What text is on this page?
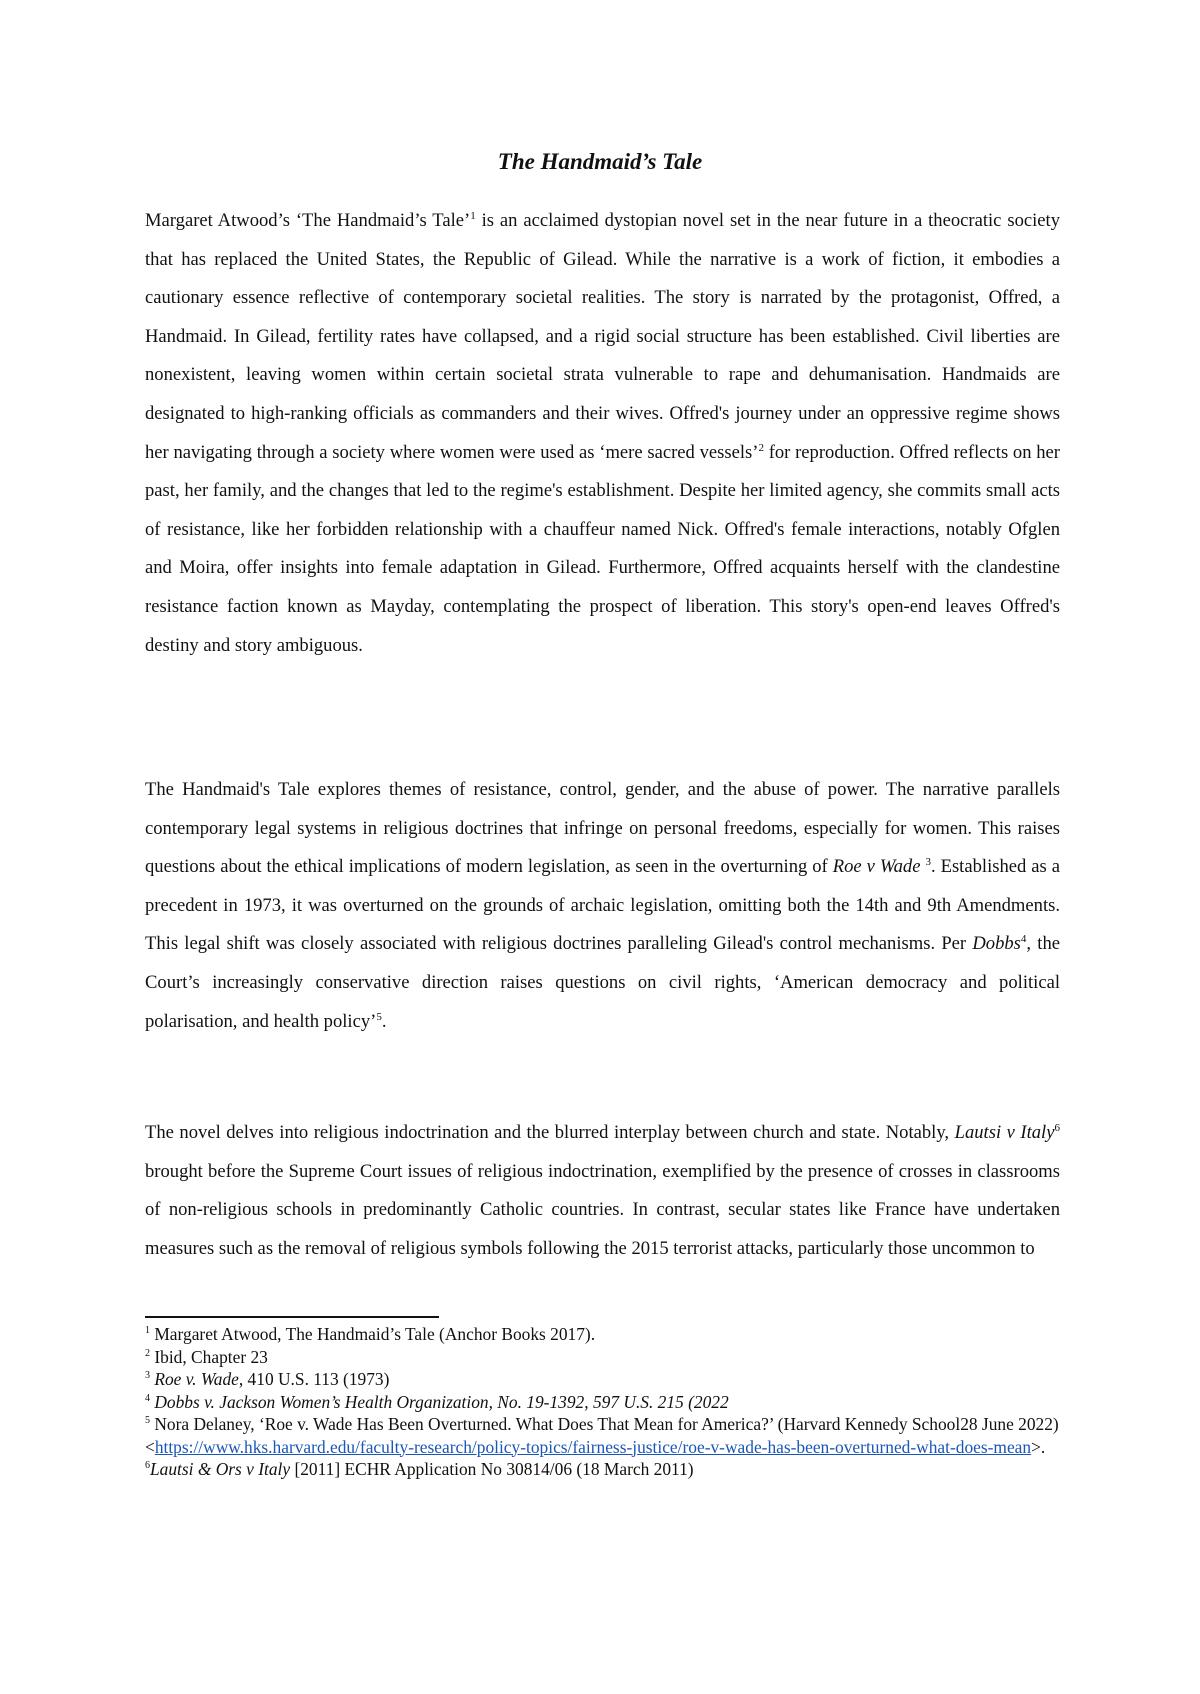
The Handmaid’s Tale

Margaret Atwood’s ‘The Handmaid’s Tale’$^1$ is an acclaimed dystopian novel set in the near future in a theocratic society that has replaced the United States, the Republic of Gilead. While the narrative is a work of fiction, it embodies a cautionary essence reflective of contemporary societal realities. The story is narrated by the protagonist, Offred, a Handmaid. In Gilead, fertility rates have collapsed, and a rigid social structure has been established. Civil liberties are nonexistent, leaving women within certain societal strata vulnerable to rape and dehumanisation. Handmaids are designated to high-ranking officials as commanders and their wives. Offred's journey under an oppressive regime shows her navigating through a society where women were used as ‘mere sacred vessels’$^2$ for reproduction. Offred reflects on her past, her family, and the changes that led to the regime's establishment. Despite her limited agency, she commits small acts of resistance, like her forbidden relationship with a chauffeur named Nick. Offred's female interactions, notably Ofglen and Moira, offer insights into female adaptation in Gilead. Furthermore, Offred acquaints herself with the clandestine resistance faction known as Mayday, contemplating the prospect of liberation. This story's open-end leaves Offred's destiny and story ambiguous.

The Handmaid's Tale explores themes of resistance, control, gender, and the abuse of power. The narrative parallels contemporary legal systems in religious doctrines that infringe on personal freedoms, especially for women. This raises questions about the ethical implications of modern legislation, as seen in the overturning of Roe v Wade $^3$. Established as a precedent in 1973, it was overturned on the grounds of archaic legislation, omitting both the 14th and 9th Amendments. This legal shift was closely associated with religious doctrines paralleling Gilead's control mechanisms. Per Dobbs$^4$, the Court’s increasingly conservative direction raises questions on civil rights, ‘American democracy and political polarisation, and health policy’$^5$.

The novel delves into religious indoctrination and the blurred interplay between church and state. Notably, Lautsi v Italy$^6$ brought before the Supreme Court issues of religious indoctrination, exemplified by the presence of crosses in classrooms of non-religious schools in predominantly Catholic countries. In contrast, secular states like France have undertaken measures such as the removal of religious symbols following the 2015 terrorist attacks, particularly those uncommon to

$^1$ Margaret Atwood, The Handmaid’s Tale (Anchor Books 2017).

$^2$ Ibid, Chapter 23

$^3$ Roe v. Wade, 410 U.S. 113 (1973)

$^4$ Dobbs v. Jackson Women’s Health Organization, No. 19-1392, 597 U.S. 215 (2022

$^5$ Nora Delaney, ‘Roe v. Wade Has Been Overturned. What Does That Mean for America?’ (Harvard Kennedy School28 June 2022)
<https://www.hks.harvard.edu/faculty-research/policy-topics/fairness-justice/roe-v-wade-has-been-overturned-what-does-mean>.

$^6$Lautsi & Ors v Italy [2011] ECHR Application No 30814/06 (18 March 2011)
